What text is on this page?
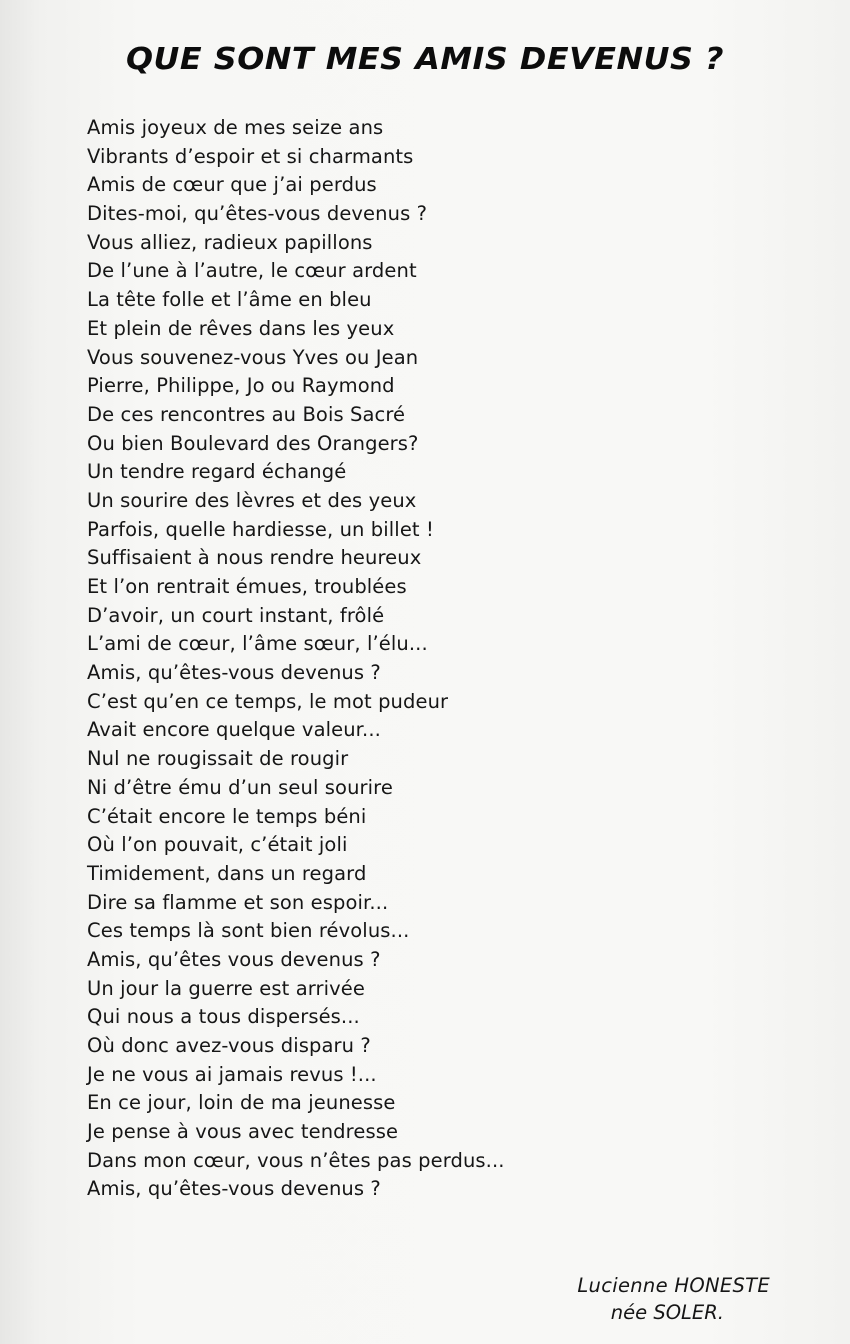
QUE SONT MES AMIS DEVENUS ?
Amis joyeux de mes seize ans
Vibrants d’espoir et si charmants
Amis de cœur que j’ai perdus
Dites-moi, qu’êtes-vous devenus ?
Vous alliez, radieux papillons
De l’une à l’autre, le cœur ardent
La tête folle et l’âme en bleu
Et plein de rêves dans les yeux
Vous souvenez-vous Yves ou Jean
Pierre, Philippe, Jo ou Raymond
De ces rencontres au Bois Sacré
Ou bien Boulevard des Orangers?
Un tendre regard échangé
Un sourire des lèvres et des yeux
Parfois, quelle hardiesse, un billet !
Suffisaient à nous rendre heureux
Et l’on rentrait émues, troublées
D’avoir, un court instant, frôlé
L’ami de cœur, l’âme sœur, l’élu...
Amis, qu’êtes-vous devenus ?
C’est qu’en ce temps, le mot pudeur
Avait encore quelque valeur...
Nul ne rougissait de rougir
Ni d’être ému d’un seul sourire
C’était encore le temps béni
Où l’on pouvait, c’était joli
Timidement, dans un regard
Dire sa flamme et son espoir...
Ces temps là sont bien révolus...
Amis, qu’êtes vous devenus ?
Un jour la guerre est arrivée
Qui nous a tous dispersés...
Où donc avez-vous disparu ?
Je ne vous ai jamais revus !...
En ce jour, loin de ma jeunesse
Je pense à vous avec tendresse
Dans mon cœur, vous n’êtes pas perdus...
Amis, qu’êtes-vous devenus ?
Lucienne HONESTE
née SOLER.
